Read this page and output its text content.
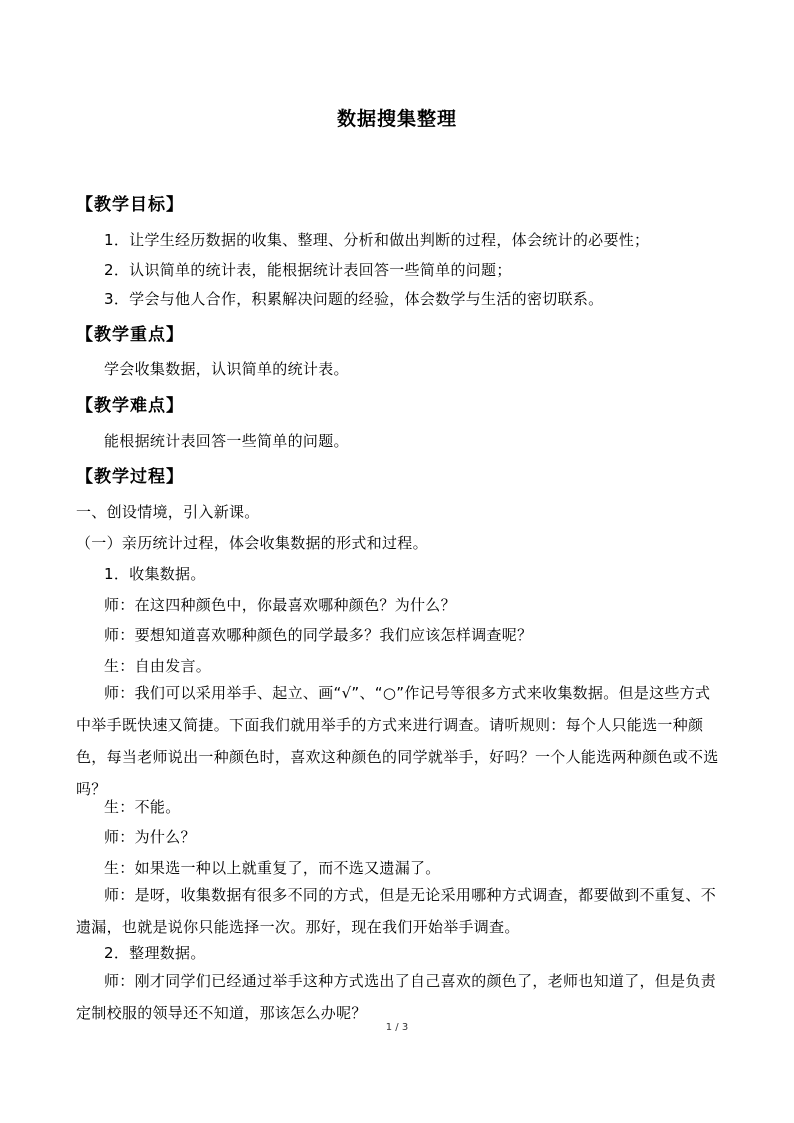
数据搜集整理
【教学目标】
1．让学生经历数据的收集、整理、分析和做出判断的过程，体会统计的必要性；
2．认识简单的统计表，能根据统计表回答一些简单的问题；
3．学会与他人合作，积累解决问题的经验，体会数学与生活的密切联系。
【教学重点】
学会收集数据，认识简单的统计表。
【教学难点】
能根据统计表回答一些简单的问题。
【教学过程】
一、创设情境，引入新课。
（一）亲历统计过程，体会收集数据的形式和过程。
1．收集数据。
师：在这四种颜色中，你最喜欢哪种颜色？为什么？
师：要想知道喜欢哪种颜色的同学最多？我们应该怎样调查呢？
生：自由发言。
师：我们可以采用举手、起立、画“√”、“○”作记号等很多方式来收集数据。但是这些方式中举手既快速又简捷。下面我们就用举手的方式来进行调查。请听规则：每个人只能选一种颜色，每当老师说出一种颜色时，喜欢这种颜色的同学就举手，好吗？一个人能选两种颜色或不选吗？
生：不能。
师：为什么？
生：如果选一种以上就重复了，而不选又遗漏了。
师：是呀，收集数据有很多不同的方式，但是无论采用哪种方式调查，都要做到不重复、不遗漏，也就是说你只能选择一次。那好，现在我们开始举手调查。
2．整理数据。
师：刚才同学们已经通过举手这种方式选出了自己喜欢的颜色了，老师也知道了，但是负责定制校服的领导还不知道，那该怎么办呢？
1 / 3
